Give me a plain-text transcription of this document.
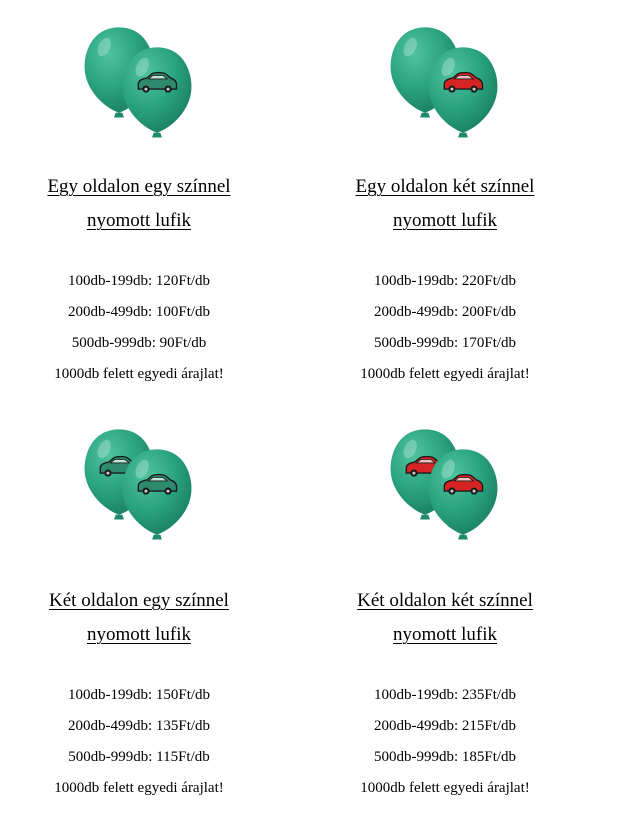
Egy oldalon egy színnel
nyomott lufik
100db-199db: 120Ft/db
200db-499db: 100Ft/db
500db-999db: 90Ft/db
1000db felett egyedi árajlat!
Egy oldalon két színnel
nyomott lufik
100db-199db: 220Ft/db
200db-499db: 200Ft/db
500db-999db: 170Ft/db
1000db felett egyedi árajlat!
Két oldalon egy színnel
nyomott lufik
100db-199db: 150Ft/db
200db-499db: 135Ft/db
500db-999db: 115Ft/db
1000db felett egyedi árajlat!
Két oldalon két színnel
nyomott lufik
100db-199db: 235Ft/db
200db-499db: 215Ft/db
500db-999db: 185Ft/db
1000db felett egyedi árajlat!
